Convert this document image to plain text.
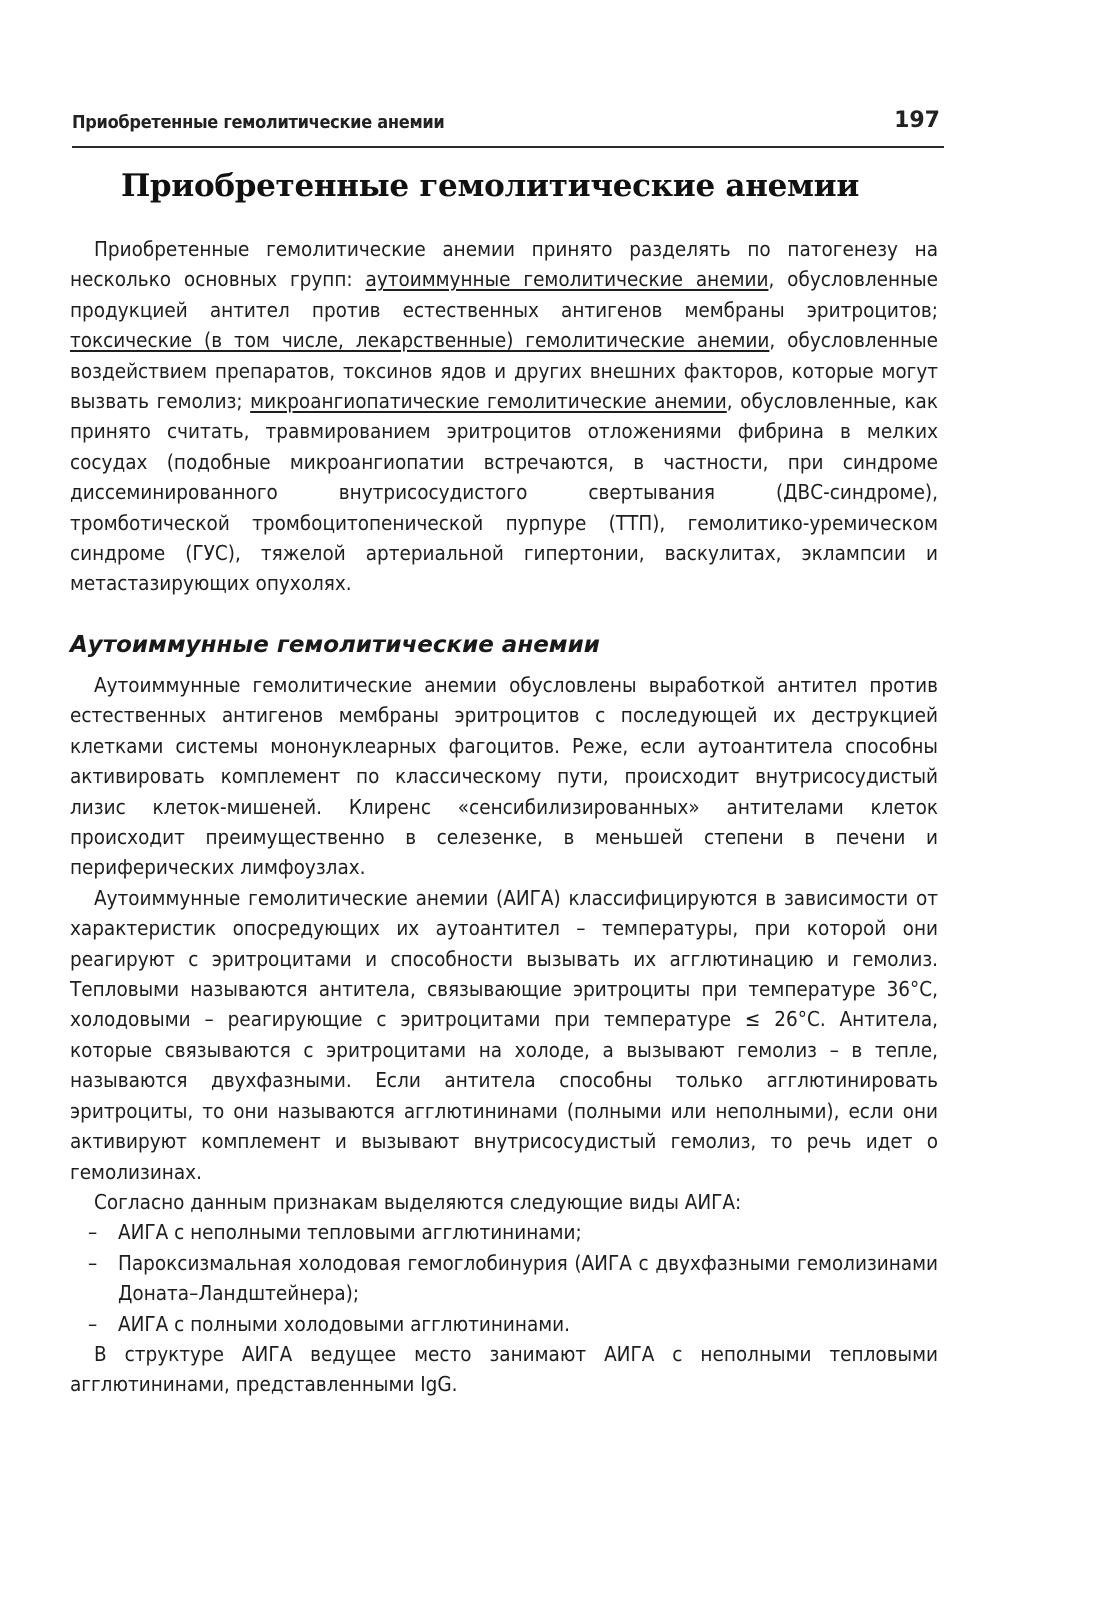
Приобретенные гемолитические анемии	197
Приобретенные гемолитические анемии

Приобретенные гемолитические анемии принято разделять по патогенезу на несколько основных групп: аутоиммунные гемолитические анемии, обусловленные продукцией антител против естественных антигенов мембраны эритроцитов; токсические (в том числе, лекарственные) гемолитические анемии, обусловленные воздействием препаратов, токсинов ядов и других внешних факторов, которые могут вызвать гемолиз; микроангиопатические гемолитические анемии, обусловленные, как принято считать, травмированием эритроцитов отложениями фибрина в мелких сосудах (подобные микроангиопатии встречаются, в частности, при синдроме диссеминированного внутрисосудистого свертывания (ДВС-синдроме), тромботической тромбоцитопенической пурпуре (ТТП), гемолитико-уремическом синдроме (ГУС), тяжелой артериальной гипертонии, васкулитах, эклампсии и метастазирующих опухолях.

Аутоиммунные гемолитические анемии

Аутоиммунные гемолитические анемии обусловлены выработкой антител против естественных антигенов мембраны эритроцитов с последующей их деструкцией клетками системы мононуклеарных фагоцитов. Реже, если аутоантитела способны активировать комплемент по классическому пути, происходит внутрисосудистый лизис клеток-мишеней. Клиренс «сенсибилизированных» антителами клеток происходит преимущественно в селезенке, в меньшей степени в печени и периферических лимфоузлах.

Аутоиммунные гемолитические анемии (АИГА) классифицируются в зависимости от характеристик опосредующих их аутоантител – температуры, при которой они реагируют с эритроцитами и способности вызывать их агглютинацию и гемолиз. Тепловыми называются антитела, связывающие эритроциты при температуре 36°С, холодовыми – реагирующие с эритроцитами при температуре ≤ 26°С. Антитела, которые связываются с эритроцитами на холоде, а вызывают гемолиз – в тепле, называются двухфазными. Если антитела способны только агглютинировать эритроциты, то они называются агглютининами (полными или неполными), если они активируют комплемент и вызывают внутрисосудистый гемолиз, то речь идет о гемолизинах.

Согласно данным признакам выделяются следующие виды АИГА:

– АИГА с неполными тепловыми агглютининами;
– Пароксизмальная холодовая гемоглобинурия (АИГА с двухфазными гемолизинами Доната–Ландштейнера);
– АИГА с полными холодовыми агглютининами.

В структуре АИГА ведущее место занимают АИГА с неполными тепловыми агглютининами, представленными IgG.
